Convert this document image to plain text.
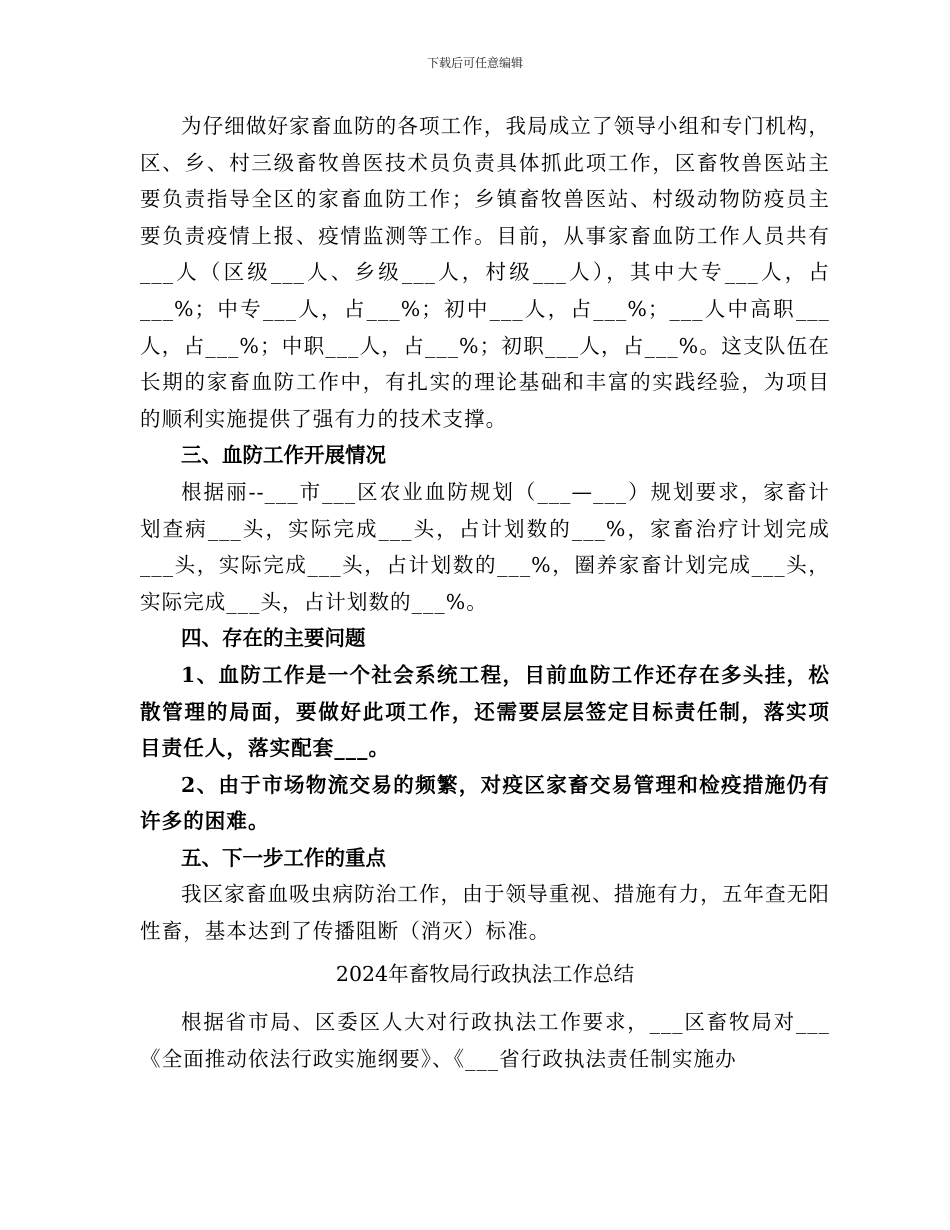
下载后可任意编辑

为仔细做好家畜血防的各项工作，我局成立了领导小组和专门机构，区、乡、村三级畜牧兽医技术员负责具体抓此项工作，区畜牧兽医站主要负责指导全区的家畜血防工作；乡镇畜牧兽医站、村级动物防疫员主要负责疫情上报、疫情监测等工作。目前，从事家畜血防工作人员共有___人（区级___人、乡级___人，村级___人），其中大专___人，占___%；中专___人，占___%；初中___人，占___%；___人中高职___人，占___%；中职___人，占___%；初职___人，占___%。这支队伍在长期的家畜血防工作中，有扎实的理论基础和丰富的实践经验，为项目的顺利实施提供了强有力的技术支撑。

三、血防工作开展情况

根据丽--___市___区农业血防规划（___—___）规划要求，家畜计划查病___头，实际完成___头，占计划数的___%，家畜治疗计划完成___头，实际完成___头，占计划数的___%，圈养家畜计划完成___头，实际完成___头，占计划数的___%。

四、存在的主要问题

1、血防工作是一个社会系统工程，目前血防工作还存在多头挂，松散管理的局面，要做好此项工作，还需要层层签定目标责任制，落实项目责任人，落实配套___。

2、由于市场物流交易的频繁，对疫区家畜交易管理和检疫措施仍有许多的困难。

五、下一步工作的重点

我区家畜血吸虫病防治工作，由于领导重视、措施有力，五年查无阳性畜，基本达到了传播阻断（消灭）标准。

2024年畜牧局行政执法工作总结

根据省市局、区委区人大对行政执法工作要求，___区畜牧局对___《全面推动依法行政实施纲要》、《___省行政执法责任制实施办
